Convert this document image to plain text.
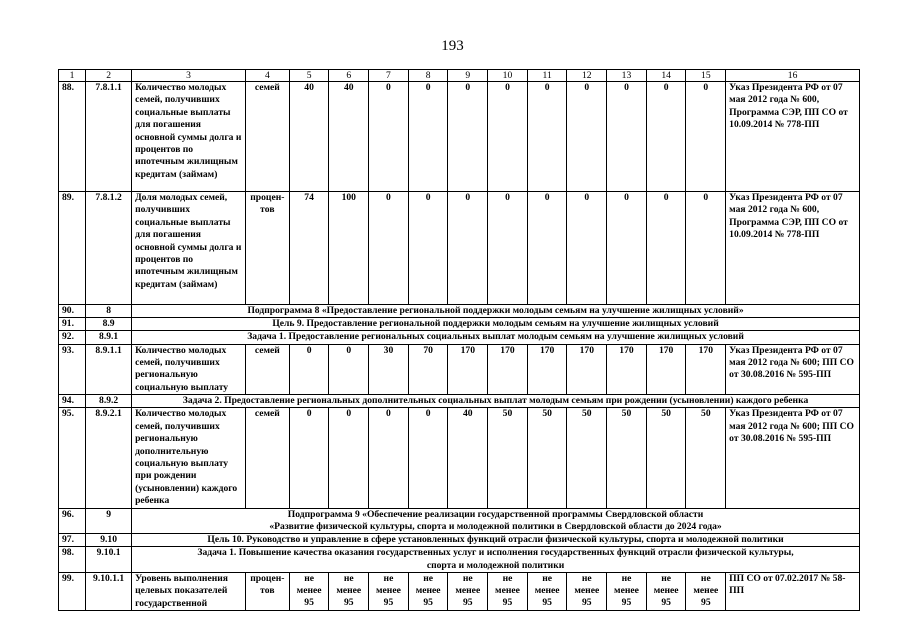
193
1	2	3	4	5	6	7	8	9	10	11	12	13	14	15	16
88.	7.8.1.1	Количество молодых семей, получивших социальные выплаты для погашения основной суммы долга и процентов по ипотечным жилищным кредитам (займам)	семей	40	40	0	0	0	0	0	0	0	0	0	Указ Президента РФ от 07 мая 2012 года № 600, Программа СЭР, ПП СО от 10.09.2014 № 778-ПП
89.	7.8.1.2	Доля молодых семей, получивших социальные выплаты для погашения основной суммы долга и процентов по ипотечным жилищным кредитам (займам)	процен-тов	74	100	0	0	0	0	0	0	0	0	0	Указ Президента РФ от 07 мая 2012 года № 600, Программа СЭР, ПП СО от 10.09.2014 № 778-ПП
90.	8	Подпрограмма 8 «Предоставление региональной поддержки молодым семьям на улучшение жилищных условий»													
91.	8.9	Цель 9. Предоставление региональной поддержки молодым семьям на улучшение жилищных условий													
92.	8.9.1	Задача 1. Предоставление региональных социальных выплат молодым семьям на улучшение жилищных условий													
93.	8.9.1.1	Количество молодых семей, получивших региональную социальную выплату	семей	0	0	30	70	170	170	170	170	170	170	170	Указ Президента РФ от 07 мая 2012 года № 600; ПП СО от 30.08.2016 № 595-ПП
94.	8.9.2	Задача 2. Предоставление региональных дополнительных социальных выплат молодым семьям при рождении (усыновлении) каждого ребенка													
95.	8.9.2.1	Количество молодых семей, получивших региональную дополнительную социальную выплату при рождении (усыновлении) каждого ребенка	семей	0	0	0	0	40	50	50	50	50	50	50	Указ Президента РФ от 07 мая 2012 года № 600; ПП СО от 30.08.2016 № 595-ПП
96.	9	Подпрограмма 9 «Обеспечение реализации государственной программы Свердловской области
«Развитие физической культуры, спорта и молодежной политики в Свердловской области до 2024 года»													

97.	9.10	Цель 10. Руководство и управление в сфере установленных функций отрасли физической культуры, спорта и молодежной политики													
98.	9.10.1	Задача 1. Повышение качества оказания государственных услуг и исполнения государственных функций отрасли физической культуры,
спорта и молодежной политики													

99.	9.10.1.1	Уровень выполнения целевых показателей государственной	процен-тов	не менее 95	не менее 95	не менее 95	не менее 95	не менее 95	не менее 95	не менее 95	не менее 95	не менее 95	не менее 95	не менее 95	ПП СО от 07.02.2017 № 58-ПП
